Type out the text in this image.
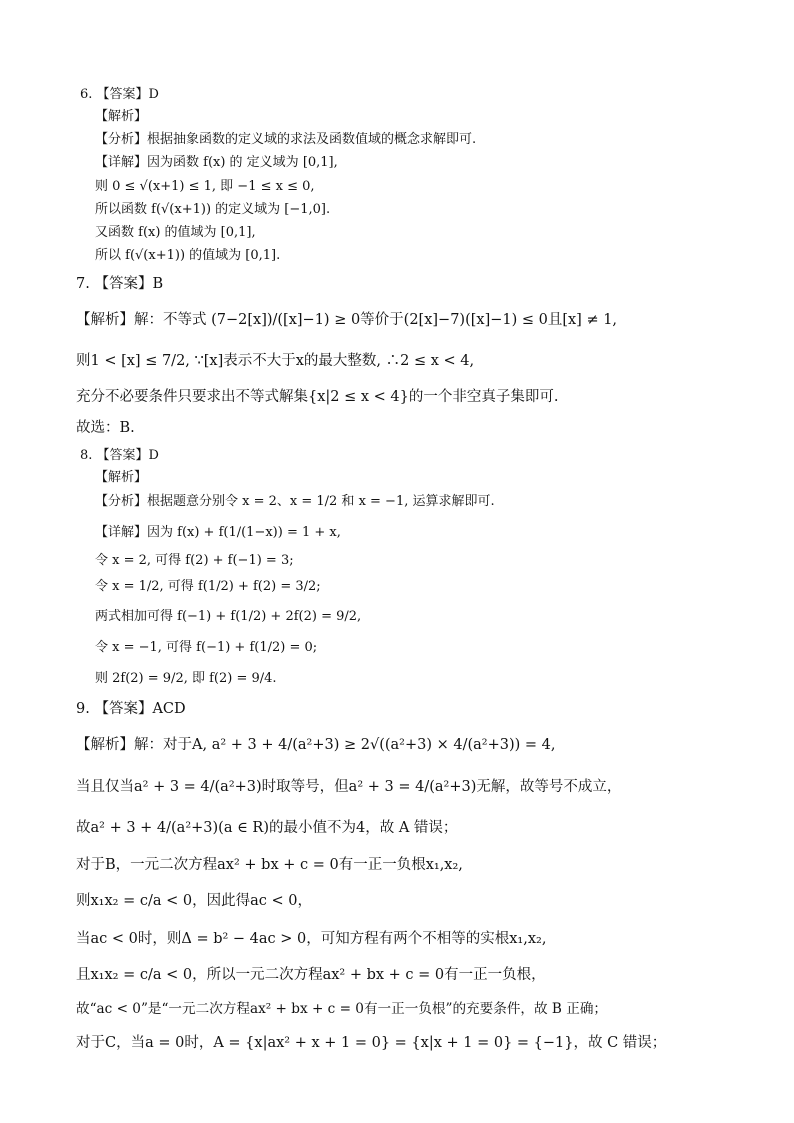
6. 【答案】D
【解析】
【分析】根据抽象函数的定义域的求法及函数值域的概念求解即可.
【详解】因为函数 f(x) 的 定义域为 [0,1],
则 0 ≤ √(x+1) ≤ 1, 即 −1 ≤ x ≤ 0,
所以函数 f(√(x+1)) 的定义域为 [−1,0].
又函数 f(x) 的值域为 [0,1],
所以 f(√(x+1)) 的值域为 [0,1].
7. 【答案】B
【解析】解：不等式 (7−2[x])/([x]−1) ≥ 0等价于(2[x]−7)([x]−1) ≤ 0且[x] ≠ 1,
则1 < [x] ≤ 7/2, ∵[x]表示不大于x的最大整数, ∴2 ≤ x < 4,
充分不必要条件只要求出不等式解集{x|2 ≤ x < 4}的一个非空真子集即可.
故选：B.
8. 【答案】D
【解析】
【分析】根据题意分别令 x = 2、x = 1/2 和 x = −1, 运算求解即可.
【详解】因为 f(x) + f(1/(1−x)) = 1 + x,
令 x = 2, 可得 f(2) + f(−1) = 3;
令 x = 1/2, 可得 f(1/2) + f(2) = 3/2;
两式相加可得 f(−1) + f(1/2) + 2f(2) = 9/2,
令 x = −1, 可得 f(−1) + f(1/2) = 0;
则 2f(2) = 9/2, 即 f(2) = 9/4.
9. 【答案】ACD
【解析】解：对于A, a² + 3 + 4/(a²+3) ≥ 2√((a²+3) × 4/(a²+3)) = 4,
当且仅当a² + 3 = 4/(a²+3)时取等号，但a² + 3 = 4/(a²+3)无解，故等号不成立，
故a² + 3 + 4/(a²+3)(a ∈ R)的最小值不为4，故 A 错误；
对于B，一元二次方程ax² + bx + c = 0有一正一负根x₁,x₂,
则x₁x₂ = c/a < 0，因此得ac < 0，
当ac < 0时，则Δ = b² − 4ac > 0，可知方程有两个不相等的实根x₁,x₂,
且x₁x₂ = c/a < 0，所以一元二次方程ax² + bx + c = 0有一正一负根，
故“ac < 0”是“一元二次方程ax² + bx + c = 0有一正一负根”的充要条件，故 B 正确；
对于C，当a = 0时，A = {x|ax² + x + 1 = 0} = {x|x + 1 = 0} = {−1}，故 C 错误；
